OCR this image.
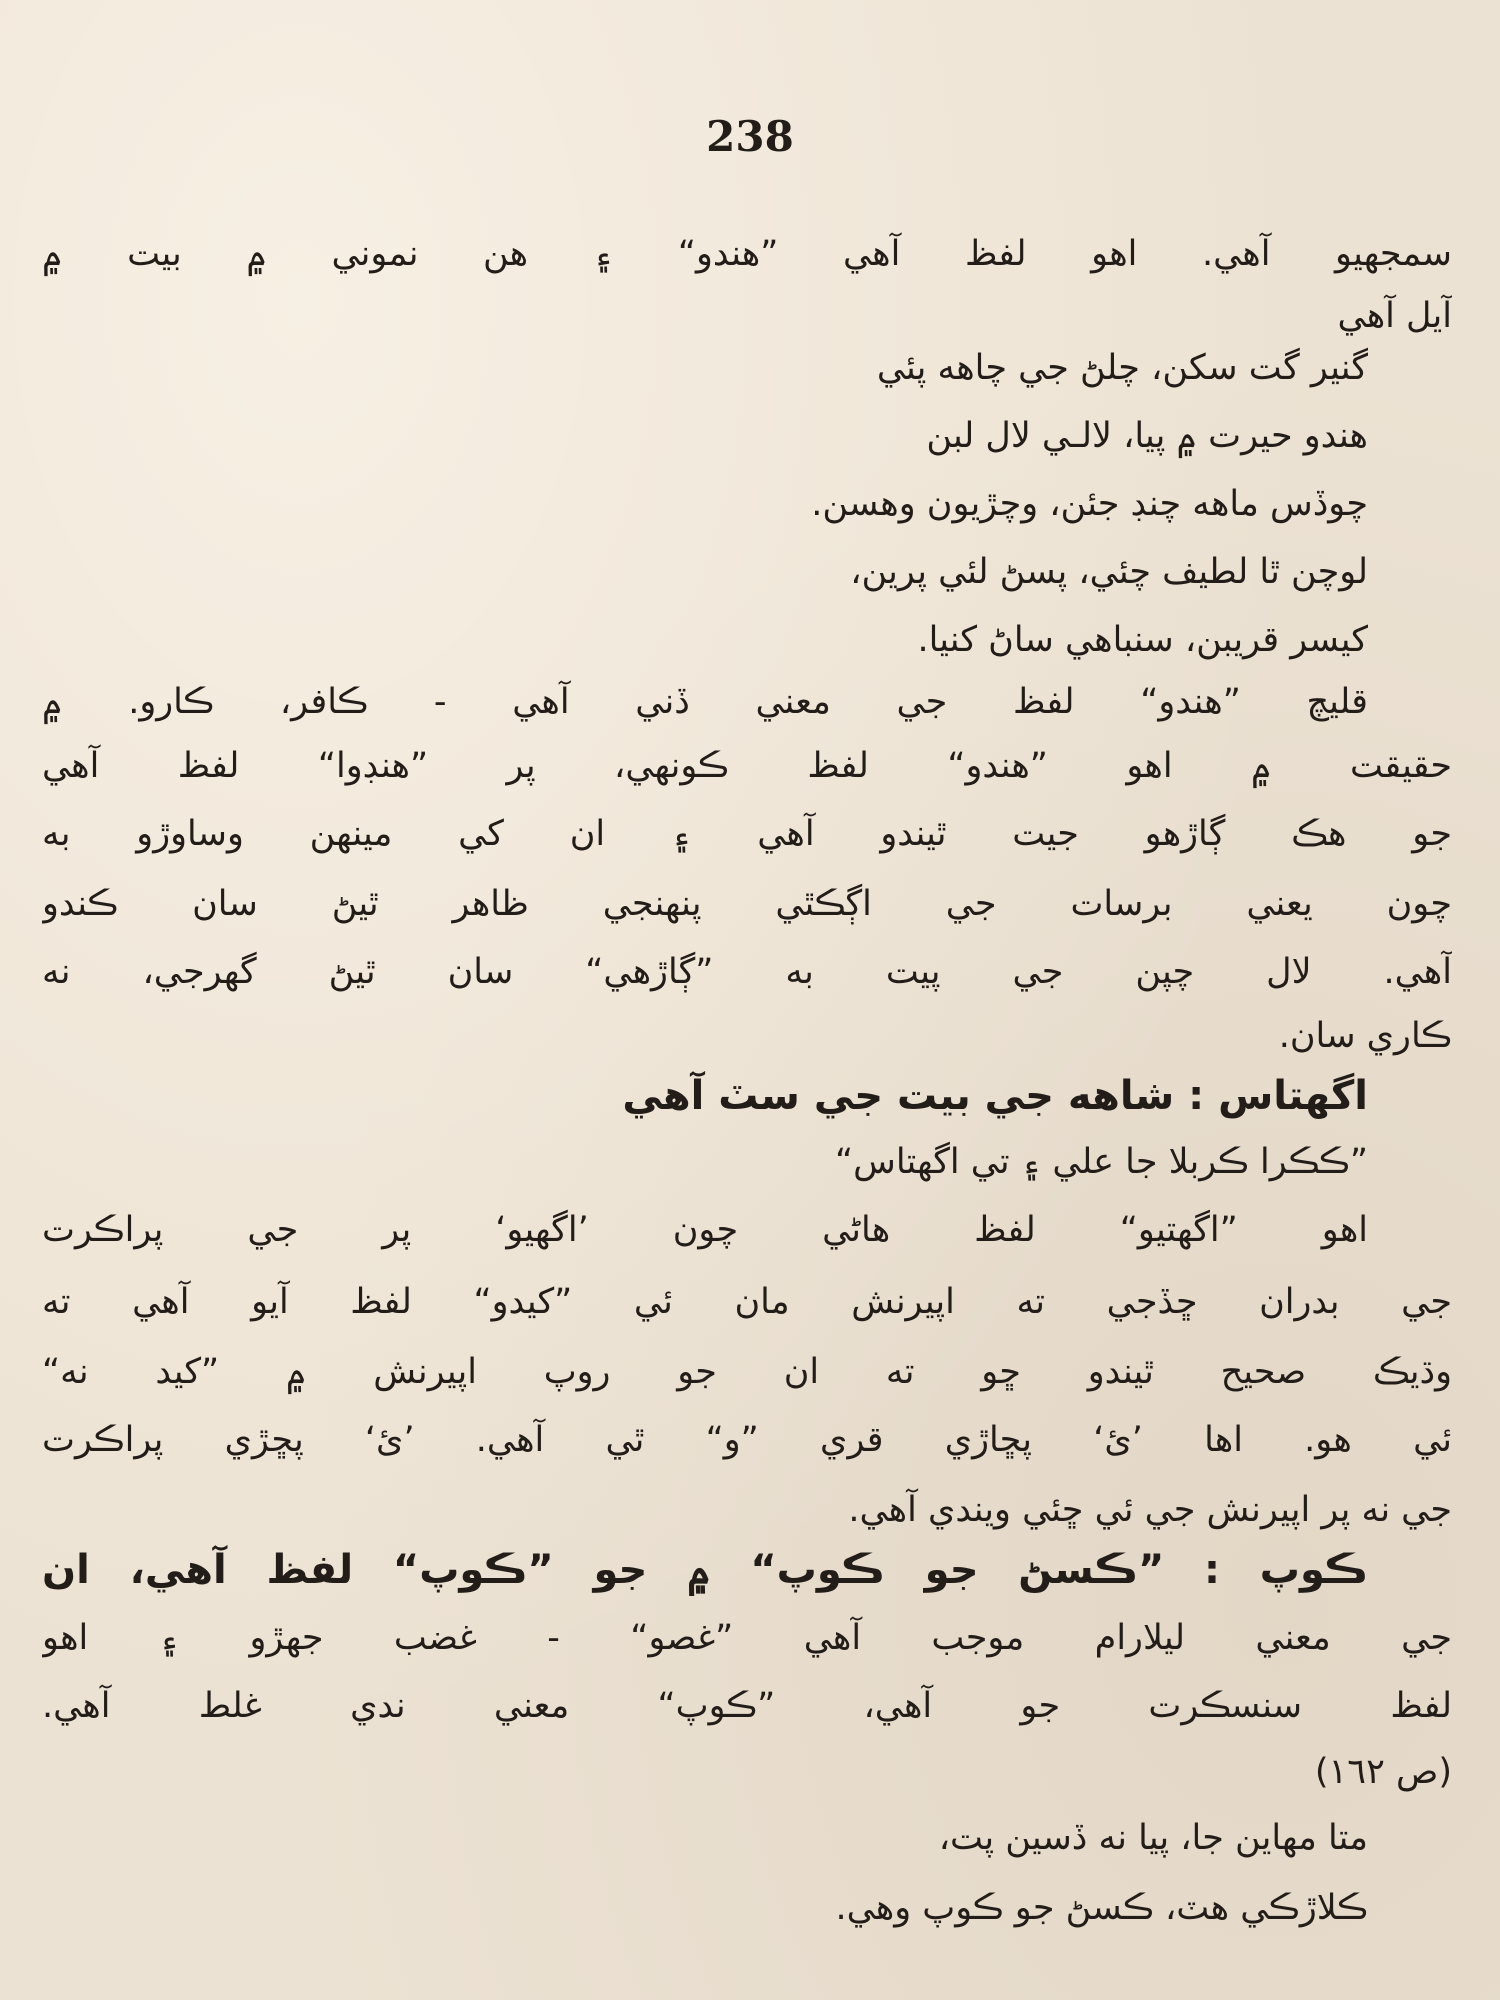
238
سمجھيو آهي. اهو لفظ آهي ”هندو“ ۽ هن نموني ۾ بيت ۾
آيل آهي
گنير گت سکن، چلڻ جي چاهه پئي
هندو حيرت ۾ پيا، لالـي لال لبن
چوڏس ماهه چنڊ جئن، وچڙيون وهسن.
لوچن ٿا لطيف چئي، پسڻ لئي پرين،
کيسر قريبن، سنباهي ساڻ کنيا.
قليچ ”هندو“ لفظ جي معني ڏني آهي - ڪافر، ڪارو. ۾
حقيقت ۾ اهو ”هندو“ لفظ ڪونهي، پر ”هنڊوا“ لفظ آهي
جو هڪ ڳاڙهو جيت ٿيندو آهي ۽ ان کي مينهن وساوڙو به
چون يعني برسات جي اڳڪٿي پنهنجي ظاهر ٿيڻ سان ڪندو
آهي. لال چپن جي پيت به ”ڳاڙهي“ سان ٿيڻ گهرجي، نه
ڪاري سان.
اگهتاس : شاهه جي بيت جي سٽ آهي
”ڪڪرا ڪربلا جا علي ۽ تي اگهتاس“
اهو ”اگهتيو“ لفظ هاڻي چون ’اگهيو‘ پر جي پراڪرت
جي بدران ڇڏجي ته اپيرنش مان ئي ”کيدو“ لفظ آيو آهي ته
وڌيڪ صحيح ٿيندو ڇو ته ان جو روپ اپيرنش ۾ ”کيد نه“
ئي هو. اها ’ئ‘ پڇاڙي قري ”و“ ٿي آهي. ’ئ‘ پڇڙي پراڪرت
جي نه پر اپيرنش جي ئي ڇئي ويندي آهي.
ڪوپ : ”ڪسڻ جو ڪوپ“ ۾ جو ”ڪوپ“ لفظ آهي، ان
جي معني ليلارام موجب آهي ”غصو“ - غضب جهڙو ۽ اهو
لفظ سنسڪرت جو آهي، ”ڪوپ“ معني ندي غلط آهي.
(ص ١٦٢)
متا مهاين جا، پيا نه ڏسين پت،
ڪلاڙڪي هٽ، ڪسڻ جو ڪوپ وهي.
